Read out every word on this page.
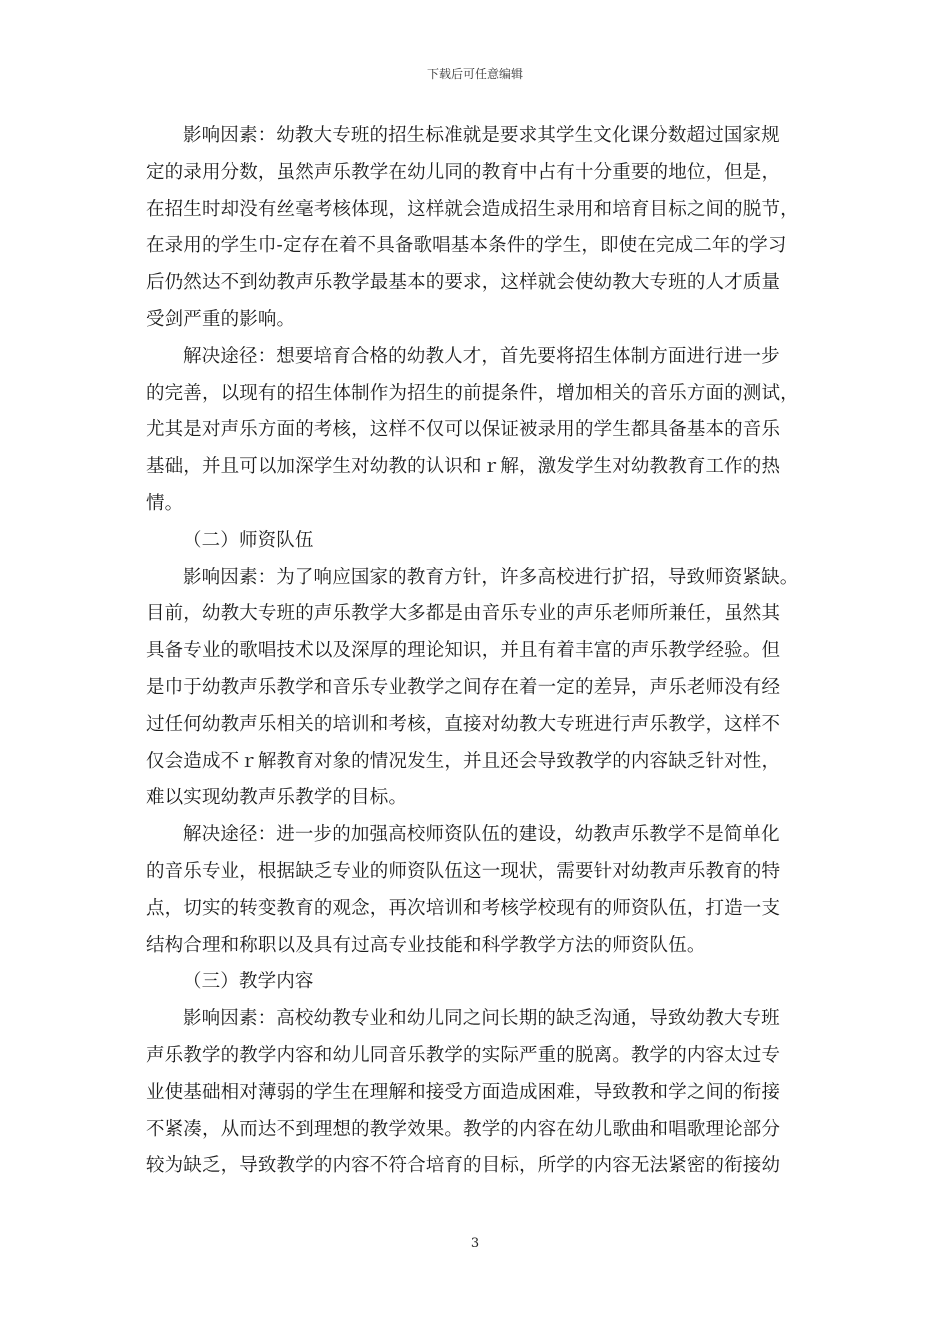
下载后可任意编辑
影响因素：幼教大专班的招生标准就是要求其学生文化课分数超过国家规
定的录用分数，虽然声乐教学在幼儿同的教育中占有十分重要的地位，但是，
在招生时却没有丝毫考核体现，这样就会造成招生录用和培育目标之间的脱节，
在录用的学生巾-定存在着不具备歌唱基本条件的学生，即使在完成二年的学习
后仍然达不到幼教声乐教学最基本的要求，这样就会使幼教大专班的人才质量
受剑严重的影响。
解决途径：想要培育合格的幼教人才，首先要将招生体制方面进行进一步
的完善，以现有的招生体制作为招生的前提条件，增加相关的音乐方面的测试，
尤其是对声乐方面的考核，这样不仅可以保证被录用的学生都具备基本的音乐
基础，并且可以加深学生对幼教的认识和ｒ解，激发学生对幼教教育工作的热
情。
（二）师资队伍
影响因素：为了响应国家的教育方针，许多高校进行扩招，导致师资紧缺。
目前，幼教大专班的声乐教学大多都是由音乐专业的声乐老师所兼任，虽然其
具备专业的歌唱技术以及深厚的理论知识，并且有着丰富的声乐教学经验。但
是巾于幼教声乐教学和音乐专业教学之间存在着一定的差异，声乐老师没有经
过任何幼教声乐相关的培训和考核，直接对幼教大专班进行声乐教学，这样不
仅会造成不ｒ解教育对象的情况发生，并且还会导致教学的内容缺乏针对性，
难以实现幼教声乐教学的目标。
解决途径：进一步的加强高校师资队伍的建设，幼教声乐教学不是简单化
的音乐专业，根据缺乏专业的师资队伍这一现状，需要针对幼教声乐教育的特
点，切实的转变教育的观念，再次培训和考核学校现有的师资队伍，打造一支
结构合理和称职以及具有过高专业技能和科学教学方法的师资队伍。
（三）教学内容
影响因素：高校幼教专业和幼儿同之问长期的缺乏沟通，导致幼教大专班
声乐教学的教学内容和幼儿同音乐教学的实际严重的脱离。教学的内容太过专
业使基础相对薄弱的学生在理解和接受方面造成困难，导致教和学之间的衔接
不紧凑，从而达不到理想的教学效果。教学的内容在幼儿歌曲和唱歌理论部分
较为缺乏，导致教学的内容不符合培育的目标，所学的内容无法紧密的衔接幼
3
